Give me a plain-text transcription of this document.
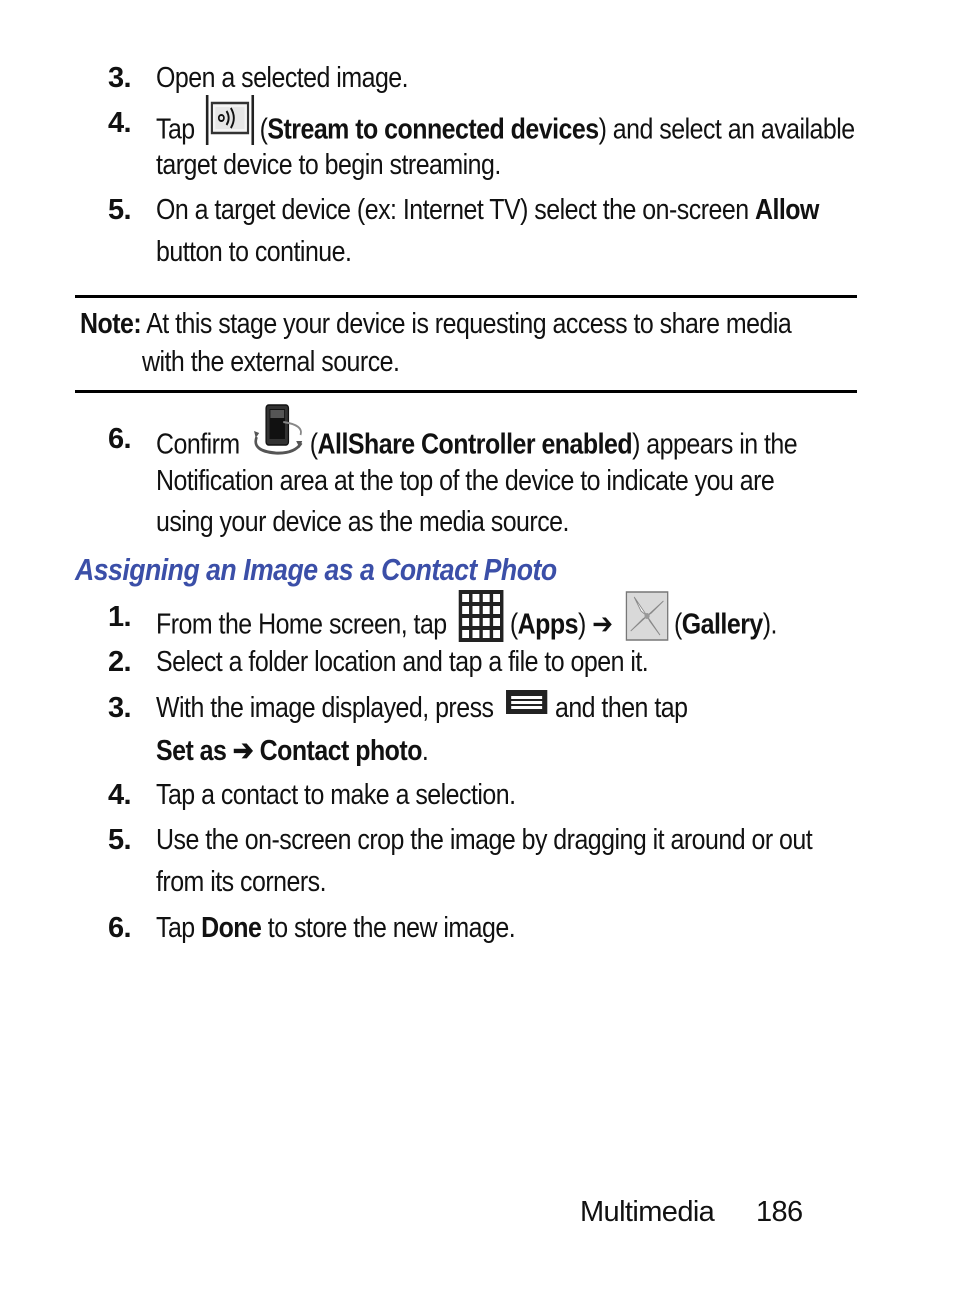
3. Open a selected image.
4. Tap (Stream to connected devices) and select an available
target device to begin streaming.
5. On a target device (ex: Internet TV) select the on-screen Allow
button to continue.
Note: At this stage your device is requesting access to share media
with the external source.
6. Confirm (AllShare Controller enabled) appears in the
Notification area at the top of the device to indicate you are
using your device as the media source.
Assigning an Image as a Contact Photo
1. From the Home screen, tap (Apps) ➔ (Gallery).
2. Select a folder location and tap a file to open it.
3. With the image displayed, press and then tap
Set as ➔ Contact photo.
4. Tap a contact to make a selection.
5. Use the on-screen crop the image by dragging it around or out
from its corners.
6. Tap Done to store the new image.
Multimedia 186
